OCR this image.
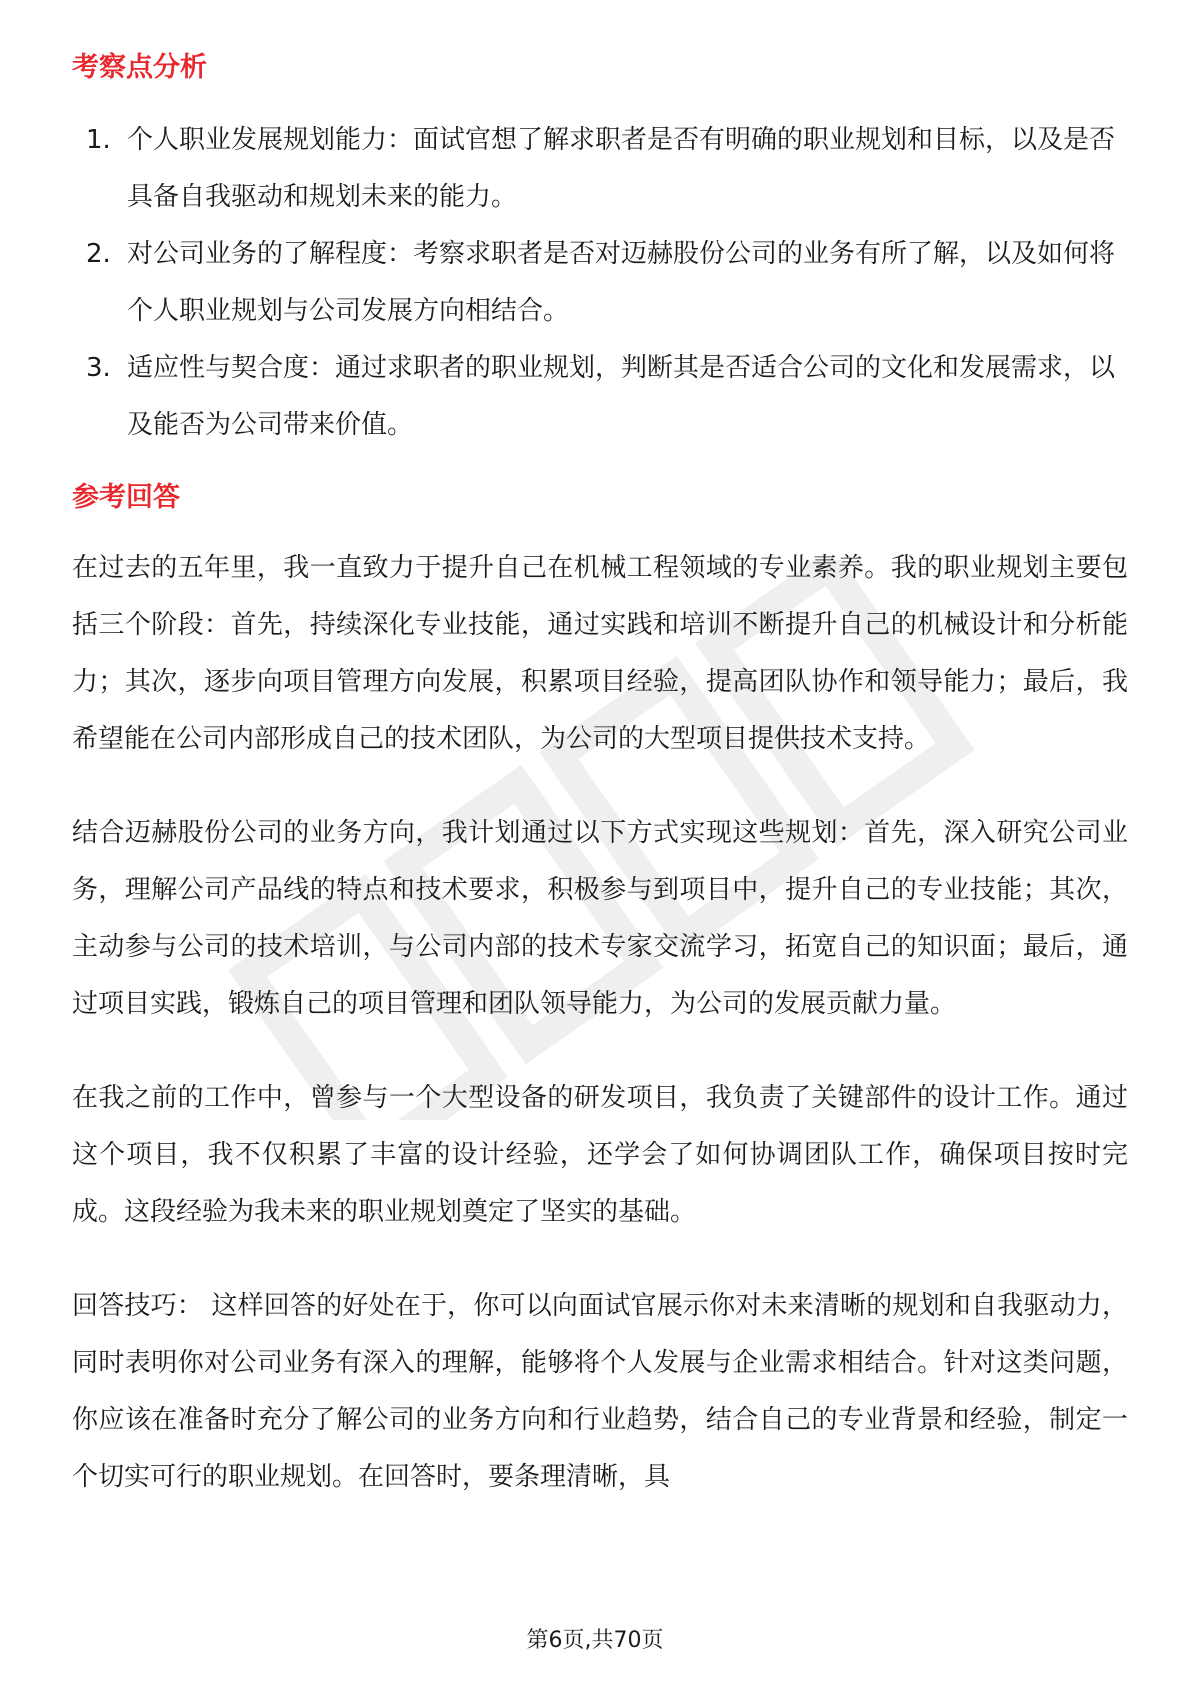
考察点分析
1. 个人职业发展规划能力：面试官想了解求职者是否有明确的职业规划和目标，以及是否具备自我驱动和规划未来的能力。
2. 对公司业务的了解程度：考察求职者是否对迈赫股份公司的业务有所了解，以及如何将个人职业规划与公司发展方向相结合。
3. 适应性与契合度：通过求职者的职业规划，判断其是否适合公司的文化和发展需求，以及能否为公司带来价值。
参考回答

在过去的五年里，我一直致力于提升自己在机械工程领域的专业素养。我的职业规划主要包括三个阶段：首先，持续深化专业技能，通过实践和培训不断提升自己的机械设计和分析能力；其次，逐步向项目管理方向发展，积累项目经验，提高团队协作和领导能力；最后，我希望能在公司内部形成自己的技术团队，为公司的大型项目提供技术支持。

结合迈赫股份公司的业务方向，我计划通过以下方式实现这些规划：首先，深入研究公司业务，理解公司产品线的特点和技术要求，积极参与到项目中，提升自己的专业技能；其次，主动参与公司的技术培训，与公司内部的技术专家交流学习，拓宽自己的知识面；最后，通过项目实践，锻炼自己的项目管理和团队领导能力，为公司的发展贡献力量。

在我之前的工作中，曾参与一个大型设备的研发项目，我负责了关键部件的设计工作。通过这个项目，我不仅积累了丰富的设计经验，还学会了如何协调团队工作，确保项目按时完成。这段经验为我未来的职业规划奠定了坚实的基础。

回答技巧： 这样回答的好处在于，你可以向面试官展示你对未来清晰的规划和自我驱动力，同时表明你对公司业务有深入的理解，能够将个人发展与企业需求相结合。针对这类问题，你应该在准备时充分了解公司的业务方向和行业趋势，结合自己的专业背景和经验，制定一个切实可行的职业规划。在回答时，要条理清晰，具

第6页,共70页
